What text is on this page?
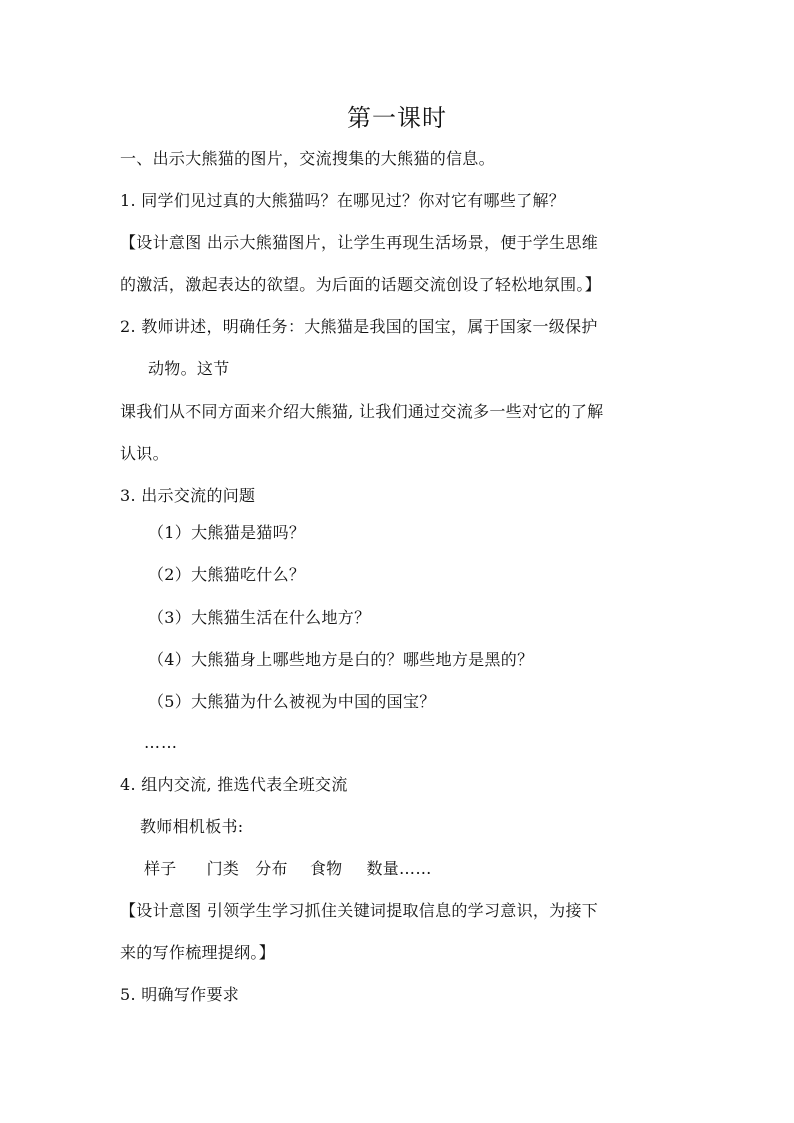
第一课时
一、出示大熊猫的图片，交流搜集的大熊猫的信息。
1. 同学们见过真的大熊猫吗？在哪见过？你对它有哪些了解？
【设计意图 出示大熊猫图片，让学生再现生活场景，便于学生思维
的激活，激起表达的欲望。为后面的话题交流创设了轻松地氛围。】
2. 教师讲述，明确任务：大熊猫是我国的国宝，属于国家一级保护
动物。这节
课我们从不同方面来介绍大熊猫, 让我们通过交流多一些对它的了解
认识。
3. 出示交流的问题
（1）大熊猫是猫吗？
（2）大熊猫吃什么？
（3）大熊猫生活在什么地方？
（4）大熊猫身上哪些地方是白的？哪些地方是黑的？
（5）大熊猫为什么被视为中国的国宝？
……
4. 组内交流, 推选代表全班交流
教师相机板书:
样子 门类 分布 食物 数量……
【设计意图 引领学生学习抓住关键词提取信息的学习意识，为接下
来的写作梳理提纲。】
5. 明确写作要求
